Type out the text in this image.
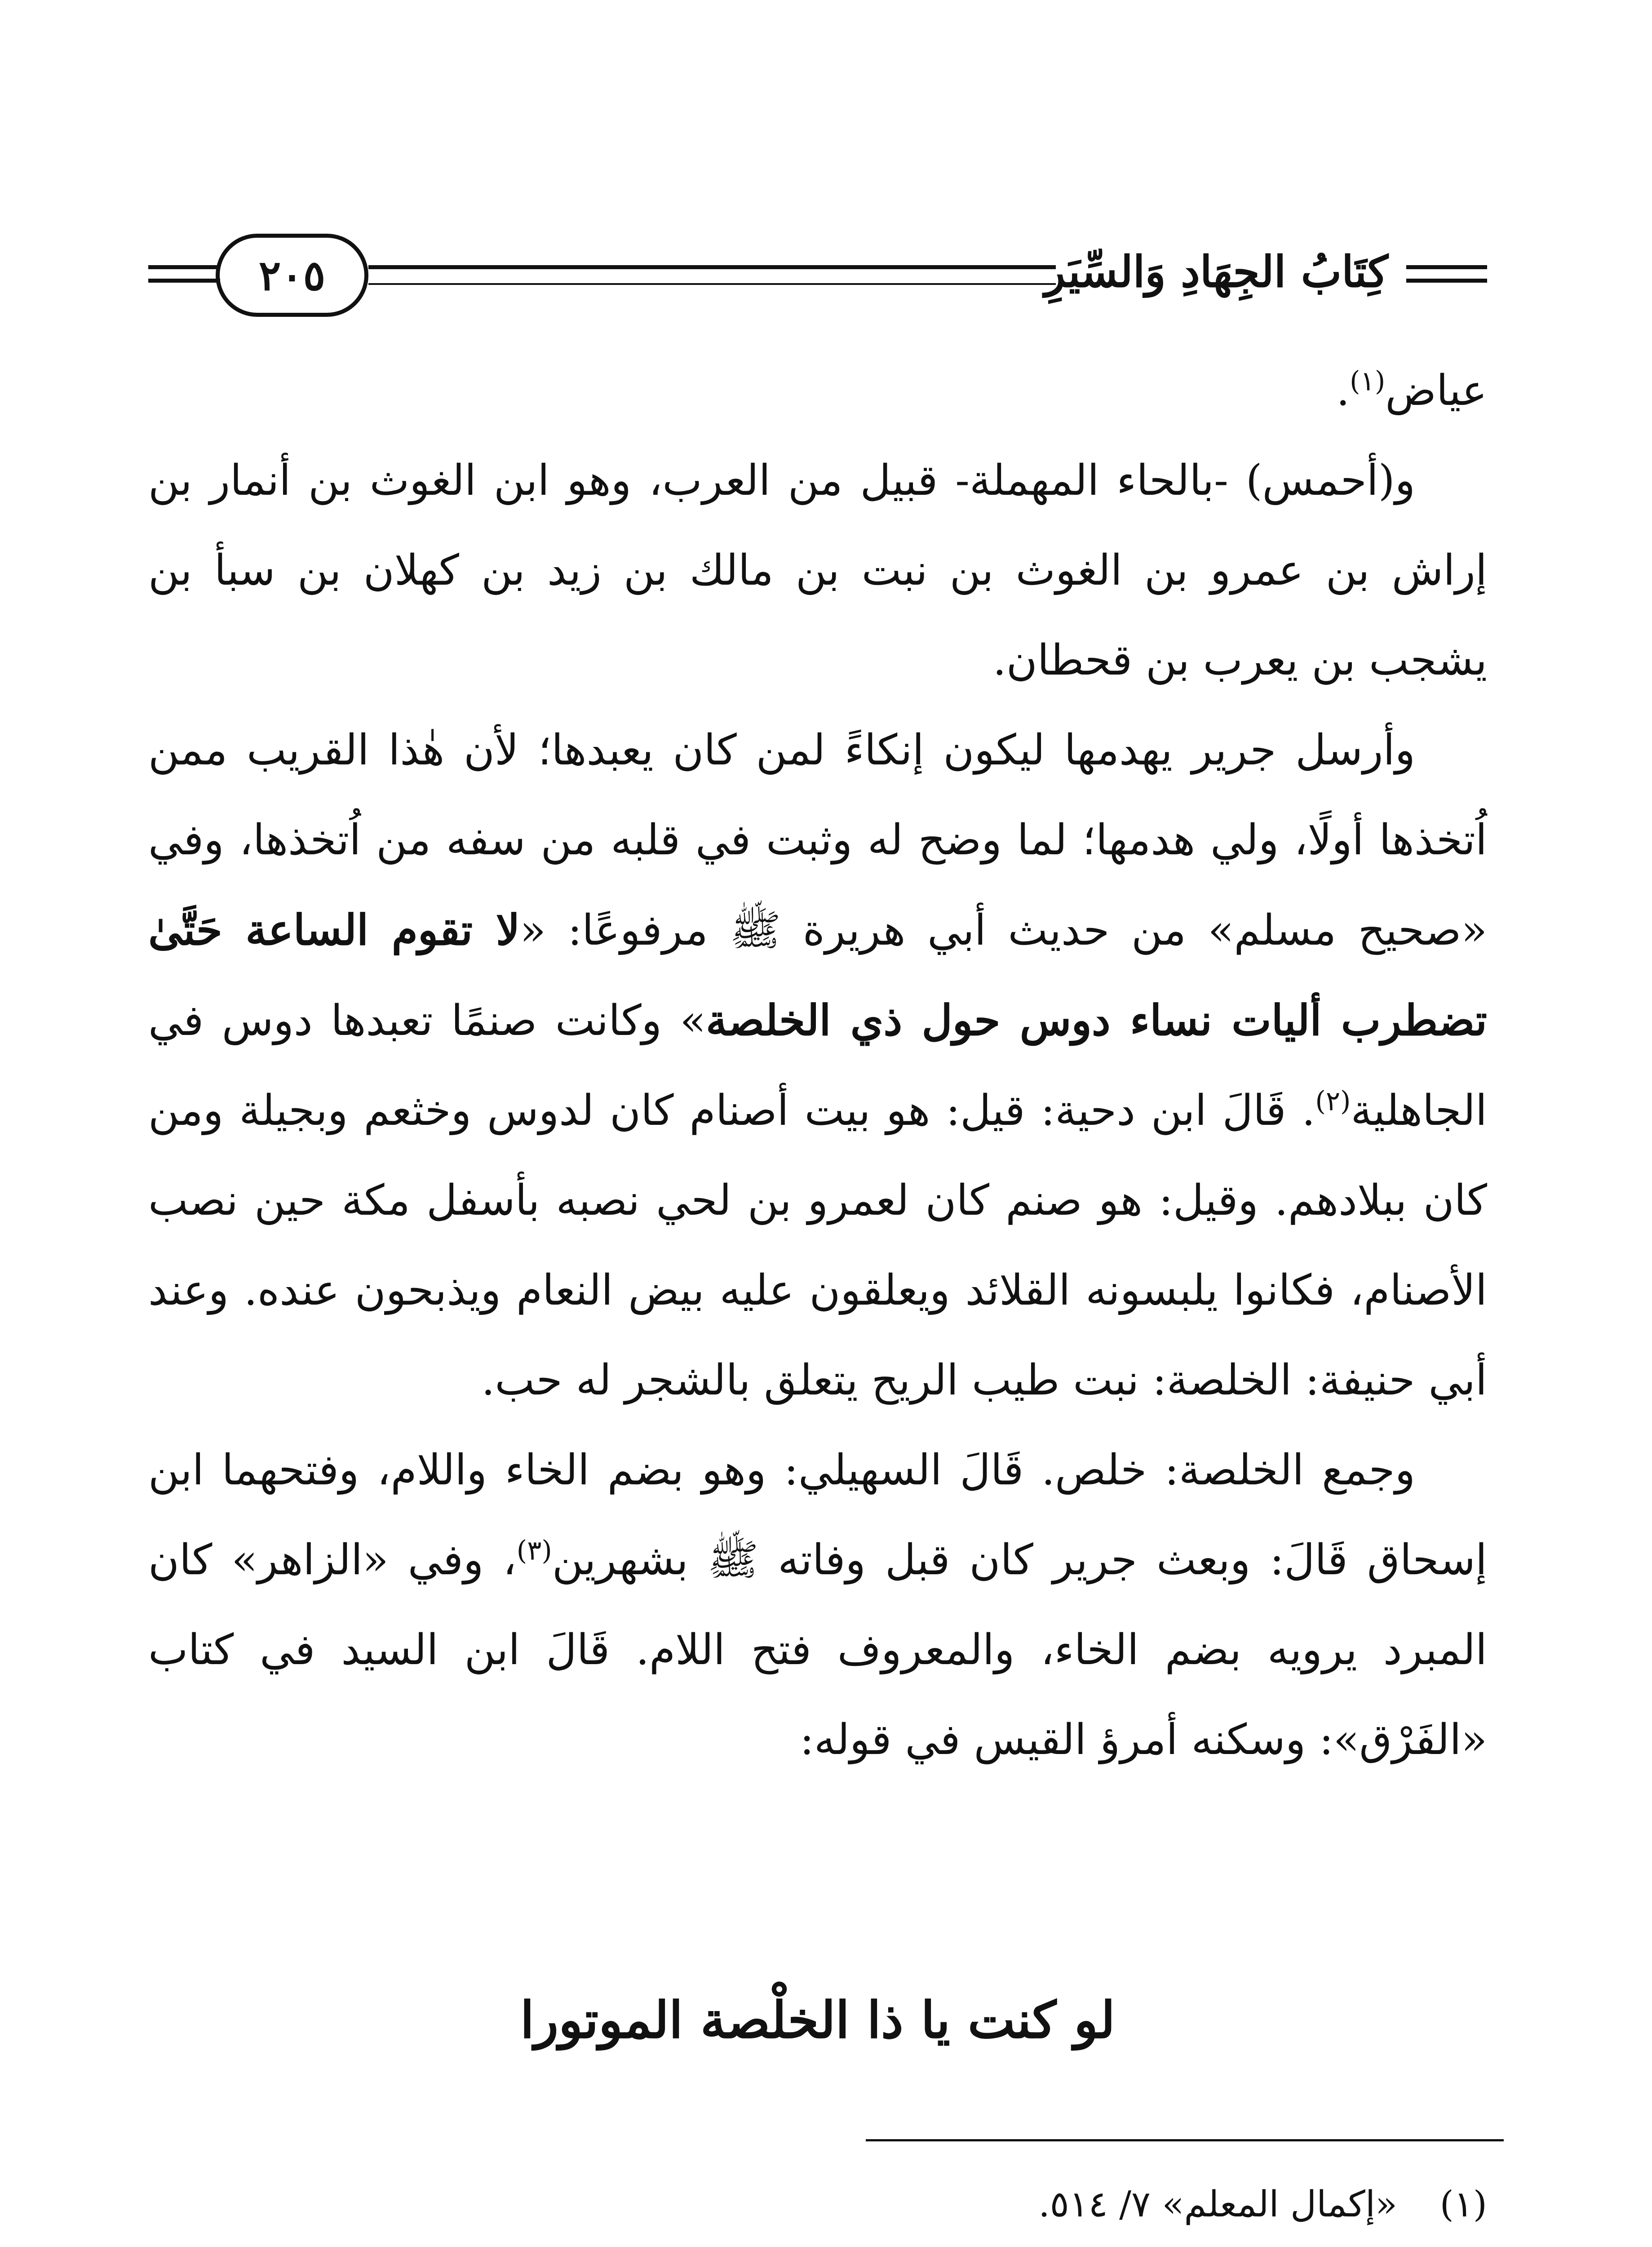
كِتَابُ الجِهَادِ وَالسِّيَرِ
٢٠٥

عياض$^{(١)}$.

و(أحمس) -بالحاء المهملة- قبيل من العرب، وهو ابن الغوث بن أنمار بن إراش بن عمرو بن الغوث بن نبت بن مالك بن زيد بن كهلان بن سبأ بن يشجب بن يعرب بن قحطان.

وأرسل جرير يهدمها ليكون إنكاءً لمن كان يعبدها؛ لأن هٰذا القريب ممن اُتخذها أولًا، ولي هدمها؛ لما وضح له وثبت في قلبه من سفه من اُتخذها، وفي «صحيح مسلم» من حديث أبي هريرة ﷺ مرفوعًا: «لا تقوم الساعة حَتَّىٰ تضطرب أليات نساء دوس حول ذي الخلصة» وكانت صنمًا تعبدها دوس في الجاهلية$^{(٢)}$. قَالَ ابن دحية: قيل: هو بيت أصنام كان لدوس وخثعم وبجيلة ومن كان ببلادهم. وقيل: هو صنم كان لعمرو بن لحي نصبه بأسفل مكة حين نصب الأصنام، فكانوا يلبسونه القلائد ويعلقون عليه بيض النعام ويذبحون عنده. وعند أبي حنيفة: الخلصة: نبت طيب الريح يتعلق بالشجر له حب.

وجمع الخلصة: خلص. قَالَ السهيلي: وهو بضم الخاء واللام، وفتحهما ابن إسحاق قَالَ: وبعث جرير كان قبل وفاته ﷺ بشهرين$^{(٣)}$، وفي «الزاهر» كان المبرد يرويه بضم الخاء، والمعروف فتح اللام. قَالَ ابن السيد في كتاب «الفَرْق»: وسكنه أمرؤ القيس في قوله:

لو كنت يا ذا الخلْصة الموتورا
(١)
«إكمال المعلم» ٧/ ٥١٤.
